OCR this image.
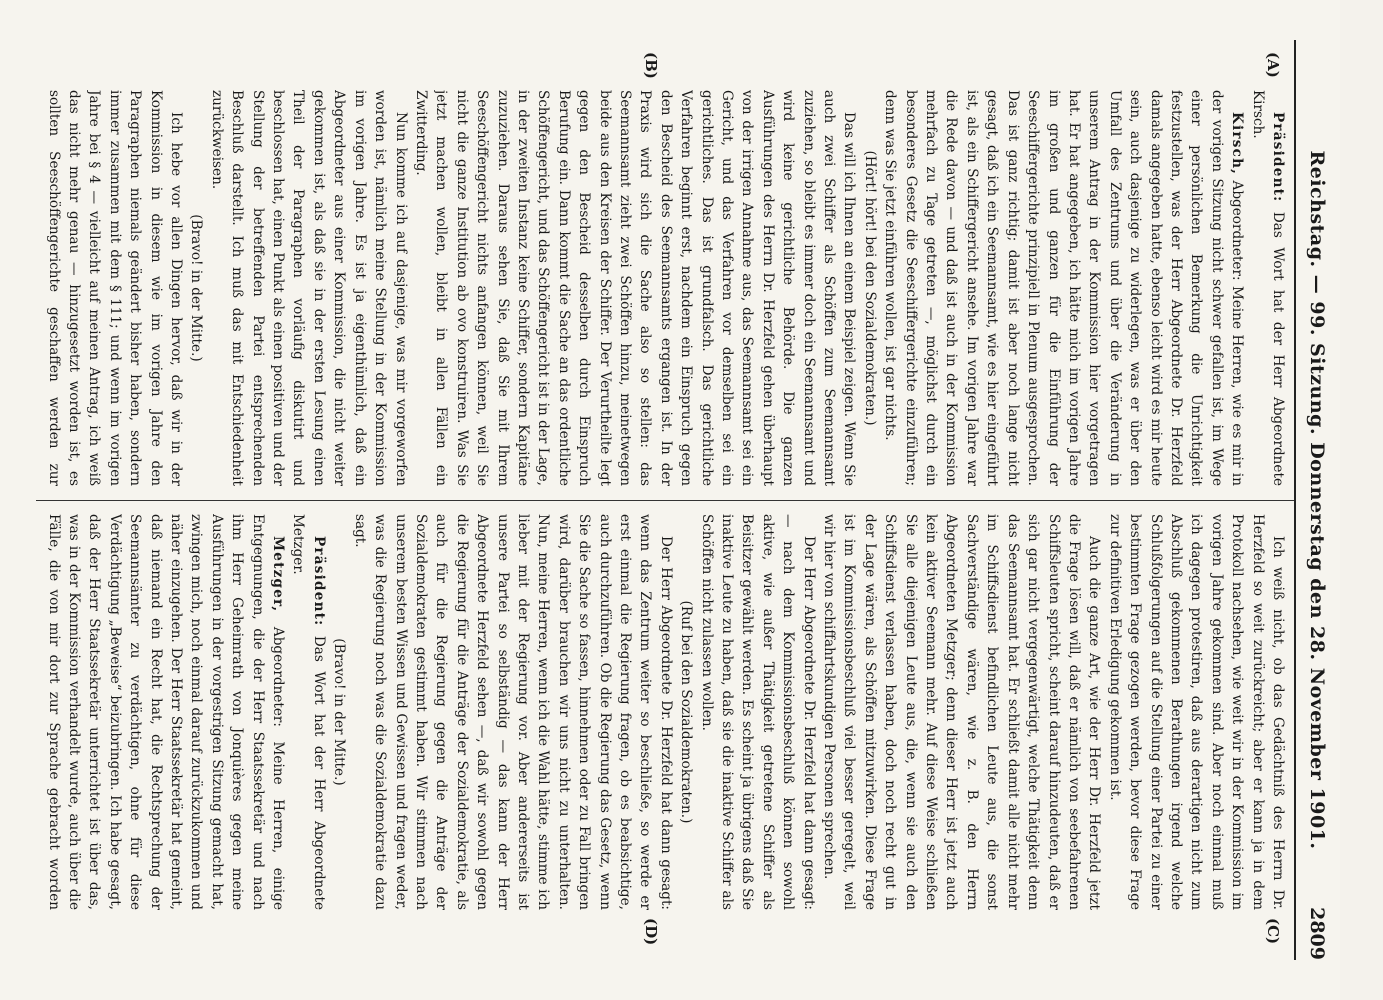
Reichstag. — 99. Sitzung. Donnerstag den 28. November 1901.
2809
(A)
(B)
(C)
(D)

Präsident: Das Wort hat der Herr Abgeordnete Kirsch.

Kirsch, Abgeordneter: Meine Herren, wie es mir in der vorigen Sitzung nicht schwer gefallen ist, im Wege einer persönlichen Bemerkung die Unrichtigkeit festzustellen, was der Herr Abgeordnete Dr. Herzfeld damals angegeben hatte, ebenso leicht wird es mir heute sein, auch dasjenige zu widerlegen, was er über den Umfall des Zentrums und über die Veränderung in unserem Antrag in der Kommission hier vorgetragen hat. Er hat angegeben, ich hätte mich im vorigen Jahre im großen und ganzen für die Einführung der Seeschiffergerichte prinzipiell in Plenum ausgesprochen. Das ist ganz richtig; damit ist aber noch lange nicht gesagt, daß ich ein Seemannsamt, wie es hier eingeführt ist, als ein Schiffergericht ansehe. Im vorigen Jahre war die Rede davon — und daß ist auch in der Kommission mehrfach zu Tage getreten —, möglichst durch ein besonderes Gesetz die Seeschiffergerichte einzuführen; denn was Sie jetzt einführen wollen, ist gar nichts.

(Hört! hört! bei den Sozialdemokraten.)

Das will ich Ihnen an einem Beispiel zeigen. Wenn Sie auch zwei Schiffer als Schöffen zum Seemannsamt zuziehen, so bleibt es immer doch ein Seemannsamt und wird keine gerichtliche Behörde. Die ganzen Ausführungen des Herrn Dr. Herzfeld gehen überhaupt von der irrigen Annahme aus, das Seemannsamt sei ein Gericht, und das Verfahren vor demselben sei ein gerichtliches. Das ist grundfalsch. Das gerichtliche Verfahren beginnt erst, nachdem ein Einspruch gegen den Bescheid des Seemannsamts ergangen ist. In der Praxis wird sich die Sache also so stellen: das Seemannsamt zieht zwei Schöffen hinzu, meinetwegen beide aus den Kreisen der Schiffer. Der Verurtheilte legt gegen den Bescheid desselben durch Einspruch Berufung ein. Dann kommt die Sache an das ordentliche Schöffengericht, und das Schöffengericht ist in der Lage, in der zweiten Instanz keine Schiffer, sondern Kapitäne zuzuziehen. Daraus sehen Sie, daß Sie mit Ihrem Seeschöffengericht nichts anfangen können, weil Sie nicht die ganze Institution ab ovo konstruiren. Was Sie jetzt machen wollen, bleibt in allen Fällen ein Zwitterding.

Nun komme ich auf dasjenige, was mir vorgeworfen worden ist, nämlich meine Stellung in der Kommission im vorigen Jahre. Es ist ja eigenthümlich, daß ein Abgeordneter aus einer Kommission, die nicht weiter gekommen ist, als daß sie in der ersten Lesung einen Theil der Paragraphen vorläufig diskutirt und beschlossen hat, einen Punkt als einen positiven und der Stellung der betreffenden Partei entsprechenden Beschluß darstellt. Ich muß das mit Entschiedenheit zurückweisen.

(Bravo! in der Mitte.)

Ich hebe vor allen Dingen hervor, daß wir in der Kommission in diesem wie im vorigen Jahre den Paragraphen niemals geändert bisher haben, sondern immer zusammen mit dem § 111; und wenn im vorigen Jahre bei § 4 — vielleicht auf meinen Antrag, ich weiß das nicht mehr genau — hinzugesetzt worden ist, es sollten Seeschöffengerichte geschaffen werden zur

Ich weiß nicht, ob das Gedächtniß des Herrn Dr. Herzfeld so weit zurückreicht; aber er kann ja in dem Protokoll nachsehen, wie weit wir in der Kommission im vorigen Jahre gekommen sind. Aber noch einmal muß ich dagegen protestiren, daß aus derartigen nicht zum Abschluß gekommenen Berathungen irgend welche Schlußfolgerungen auf die Stellung einer Partei zu einer bestimmten Frage gezogen werden, bevor diese Frage zur definitiven Erledigung gekommen ist.

Auch die ganze Art, wie der Herr Dr. Herzfeld jetzt die Frage lösen will, daß er nämlich von seebefahrenen Schiffsleuten spricht, scheint darauf hinzudeuten, daß er sich gar nicht vergegenwärtigt, welche Thätigkeit denn das Seemannsamt hat. Er schließt damit alle nicht mehr im Schiffsdienst befindlichen Leute aus, die sonst Sachverständige wären, wie z. B. den Herrn Abgeordneten Metzger; denn dieser Herr ist jetzt auch kein aktiver Seemann mehr. Auf diese Weise schließen Sie alle diejenigen Leute aus, die, wenn sie auch den Schiffsdienst verlassen haben, doch noch recht gut in der Lage wären, als Schöffen mitzuwirken. Diese Frage ist im Kommissionsbeschluß viel besser geregelt, weil wir hier von schiffahrtskundigen Personen sprechen.

Der Herr Abgeordnete Dr. Herzfeld hat dann gesagt: — nach dem Kommissionsbeschluß können sowohl aktive, wie außer Thätigkeit getretene Schiffer als Beisitzer gewählt werden. Es scheint ja übrigens daß Sie inaktive Leute zu haben, daß sie die inaktive Schiffer als Schöffen nicht zulassen wollen.

(Ruf bei den Sozialdemokraten.)

Der Herr Abgeordnete Dr. Herzfeld hat dann gesagt: wenn das Zentrum weiter so beschließe, so werde er erst einmal die Regierung fragen, ob es beabsichtige, auch durchzuführen. Ob die Regierung das Gesetz, wenn Sie die Sache so fassen, hinnehmen oder zu Fall bringen wird, darüber brauchen wir uns nicht zu unterhalten. Nun, meine Herren, wenn ich die Wahl hätte, stimme ich lieber mit der Regierung vor. Aber andererseits ist unsere Partei so selbständig — das kann der Herr Abgeordnete Herzfeld sehen —, daß wir sowohl gegen die Regierung für die Anträge der Sozialdemokratie, als auch für die Regierung gegen die Anträge der Sozialdemokraten gestimmt haben. Wir stimmen nach unserem besten Wissen und Gewissen und fragen weder, was die Regierung noch was die Sozialdemokratie dazu sagt.

(Bravo! in der Mitte.)

Präsident: Das Wort hat der Herr Abgeordnete Metzger.

Metzger, Abgeordneter: Meine Herren, einige Entgegnungen, die der Herr Staatssekretär und nach ihm Herr Geheimrath von Jonquières gegen meine Ausführungen in der vorgestrigen Sitzung gemacht hat, zwingen mich, noch einmal darauf zurückzukommen und näher einzugehen. Der Herr Staatssekretär hat gemeint, daß niemand ein Recht hat, die Rechtsprechung der Seemannsämter zu verdächtigen, ohne für diese Verdächtigung „Beweise“ beizubringen. Ich habe gesagt, daß der Herr Staatssekretär unterrichtet ist über das, was in der Kommission verhandelt wurde, auch über die Fälle, die von mir dort zur Sprache gebracht worden
